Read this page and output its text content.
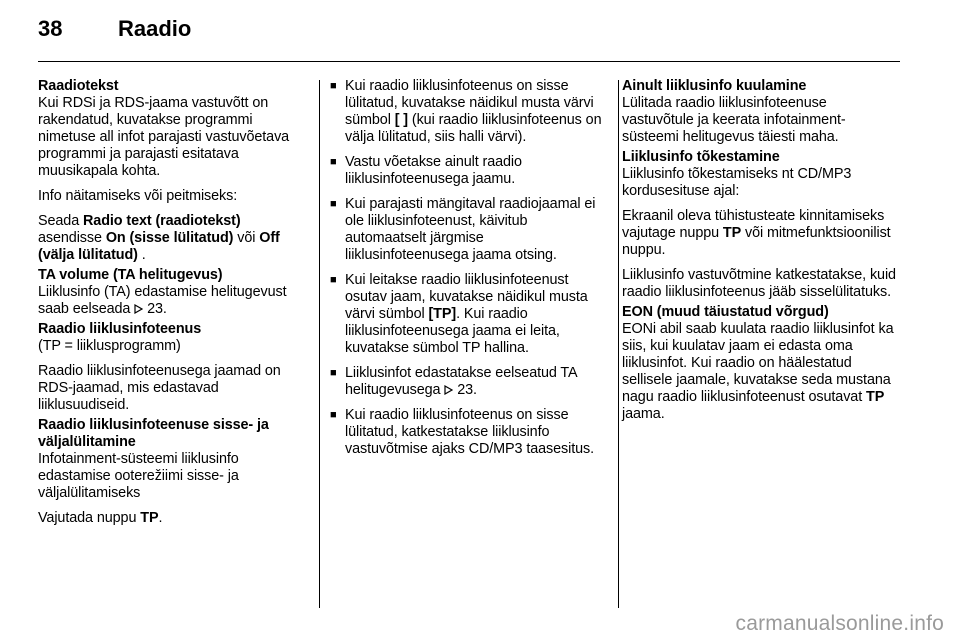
38	Raadio
Raadiotekst

Kui RDSi ja RDS-jaama vastuvõtt on rakendatud, kuvatakse programmi nimetuse all infot parajasti vastuvõetava programmi ja parajasti esitatava muusikapala kohta.

Info näitamiseks või peitmiseks:

Seada Radio text (raadiotekst) asendisse On (sisse lülitatud) või Off (välja lülitatud) .

TA volume (TA helitugevus)

Liiklusinfo (TA) edastamise helitugevust saab eelseada  23.

Raadio liiklusinfoteenus

(TP = liiklusprogramm)

Raadio liiklusinfoteenusega jaamad on RDS-jaamad, mis edastavad liiklusuudiseid.

Raadio liiklusinfoteenuse sisse- ja väljalülitamine

Infotainment-süsteemi liiklusinfo edastamise ooterežiimi sisse- ja väljalülitamiseks

Vajutada nuppu TP.

■ Kui raadio liiklusinfoteenus on sisse lülitatud, kuvatakse näidikul musta värvi sümbol [ ] (kui raadio liiklusinfoteenus on välja lülitatud, siis halli värvi).
■ Vastu võetakse ainult raadio liiklusinfoteenusega jaamu.
■ Kui parajasti mängitaval raadiojaamal ei ole liiklusinfoteenust, käivitub automaatselt järgmise liiklusinfoteenusega jaama otsing.
■ Kui leitakse raadio liiklusinfoteenust osutav jaam, kuvatakse näidikul musta värvi sümbol [TP]. Kui raadio liiklusinfoteenusega jaama ei leita, kuvatakse sümbol TP hallina.
■ Liiklusinfot edastatakse eelseatud TA helitugevusega  23.
■ Kui raadio liiklusinfoteenus on sisse lülitatud, katkestatakse liiklusinfo vastuvõtmise ajaks CD/MP3 taasesitus.
Ainult liiklusinfo kuulamine

Lülitada raadio liiklusinfoteenuse vastuvõtule ja keerata infotainment-süsteemi helitugevus täiesti maha.

Liiklusinfo tõkestamine

Liiklusinfo tõkestamiseks nt CD/MP3 kordusesituse ajal:

Ekraanil oleva tühistusteate kinnitamiseks vajutage nuppu TP või mitmefunktsioonilist nuppu.

Liiklusinfo vastuvõtmine katkestatakse, kuid raadio liiklusinfoteenus jääb sisselülitatuks.

EON (muud täiustatud võrgud)

EONi abil saab kuulata raadio liiklusinfot ka siis, kui kuulatav jaam ei edasta oma liiklusinfot. Kui raadio on häälestatud sellisele jaamale, kuvatakse seda mustana nagu raadio liiklusinfoteenust osutavat TP jaama.

carmanualsonline.info
